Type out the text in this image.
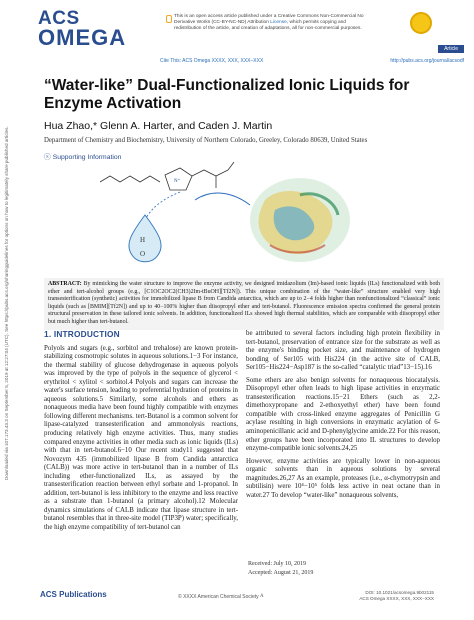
Downloaded via 107.173.43.3 on September 5, 2019 at 12:27:04 (UTC). See https://pubs.acs.org/sharingguidelines for options on how to legitimately share published articles.
ACS
OMEGA
This is an open access article published under a Creative Commons Non-Commercial No
Derivative Works (CC-BY-NC-ND) Attribution License, which permits copying and
redistribution of the article, and creation of adaptations, all for non-commercial purposes.
Article
Cite This: ACS Omega XXXX, XXX, XXX–XXX	http://pubs.acs.org/journal/acsodf
“Water-like” Dual-Functionalized Ionic Liquids for Enzyme Activation
Hua Zhao,* Glenn A. Harter, and Caden J. Martin
Department of Chemistry and Biochemistry, University of Northern Colorado, Greeley, Colorado 80639, United States
ⓢ Supporting Information
N⁺
H
O
ABSTRACT: By mimicking the water structure to improve the enzyme activity, we designed imidazolium (Im)-based ionic liquids (ILs) functionalized with both ether and tert-alcohol groups (e.g., [C1OC2OC2(CH3)2Im-tBuOH][Tf2N]). This unique combination of the “water-like” structure enabled very high transesterification (synthetic) activities for immobilized lipase B from Candida antarctica, which are up to 2−4 folds higher than nonfunctionalized “classical” ionic liquids (such as [BMIM][Tf2N]) and up to 40−100% higher than diisopropyl ether and tert-butanol. Fluorescence emission spectra confirmed the general protein structural preservation in these tailored ionic solvents. In addition, functionalized ILs showed high thermal stabilities, which are comparable with diisopropyl ether but much higher than tert-butanol.
1. INTRODUCTION

Polyols and sugars (e.g., sorbitol and trehalose) are known protein-stabilizing cosmotropic solutes in aqueous solutions.1−3 For instance, the thermal stability of glucose dehydrogenase in aqueous polyols was improved by the type of polyols in the sequence of glycerol < erythritol < xylitol < sorbitol.4 Polyols and sugars can increase the water's surface tension, leading to preferential hydration of proteins in aqueous solutions.5 Similarly, some alcohols and ethers as nonaqueous media have been found highly compatible with enzymes following different mechanisms. tert-Butanol is a common solvent for lipase-catalyzed transesterification and ammonolysis reactions, producing relatively high enzyme activities. Thus, many studies compared enzyme activities in other media such as ionic liquids (ILs) with that in tert-butanol.6−10 Our recent study11 suggested that Novozym 435 (immobilized lipase B from Candida antarctica (CALB)) was more active in tert-butanol than in a number of ILs including ether-functionalized ILs, as assayed by the transesterification reaction between ethyl sorbate and 1-propanol. In addition, tert-butanol is less inhibitory to the enzyme and less reactive as a substrate than 1-butanol (a primary alcohol).12 Molecular dynamics simulations of CALB indicate that lipase structure in tert-butanol resembles that in three-site model (TIP3P) water; specifically, the high enzyme compatibility of tert-butanol can

be attributed to several factors including high protein flexibility in tert-butanol, preservation of entrance size for the substrate as well as the enzyme's binding pocket size, and maintenance of hydrogen bonding of Ser105 with His224 (in the active site of CALB, Ser105−His224−Asp187 is the so-called “catalytic triad”13−15).16

Some ethers are also benign solvents for nonaqueous biocatalysis. Diisopropyl ether often leads to high lipase activities in enzymatic transesterification reactions.15−21 Ethers (such as 2,2-dimethoxypropane and 2-ethoxyethyl ether) have been found compatible with cross-linked enzyme aggregates of Penicillin G acylase resulting in high conversions in enzymatic acylation of 6-aminopenicillanic acid and D-phenylglycine amide.22 For this reason, ether groups have been incorporated into IL structures to develop enzyme-compatible ionic solvents.24,25

However, enzyme activities are typically lower in non-aqueous organic solvents than in aqueous solutions by several magnitudes.26,27 As an example, proteases (i.e., α-chymotrypsin and subtilisin) were 10⁴−10⁵ folds less active in neat octane than in water.27 To develop “water-like” nonaqueous solvents,

Received: July 10, 2019
Accepted: August 21, 2019
ACS Publications	© XXXX American Chemical Society A
DOI: 10.1021/acsomega.9b02115
ACS Omega XXXX, XXX, XXX−XXX
